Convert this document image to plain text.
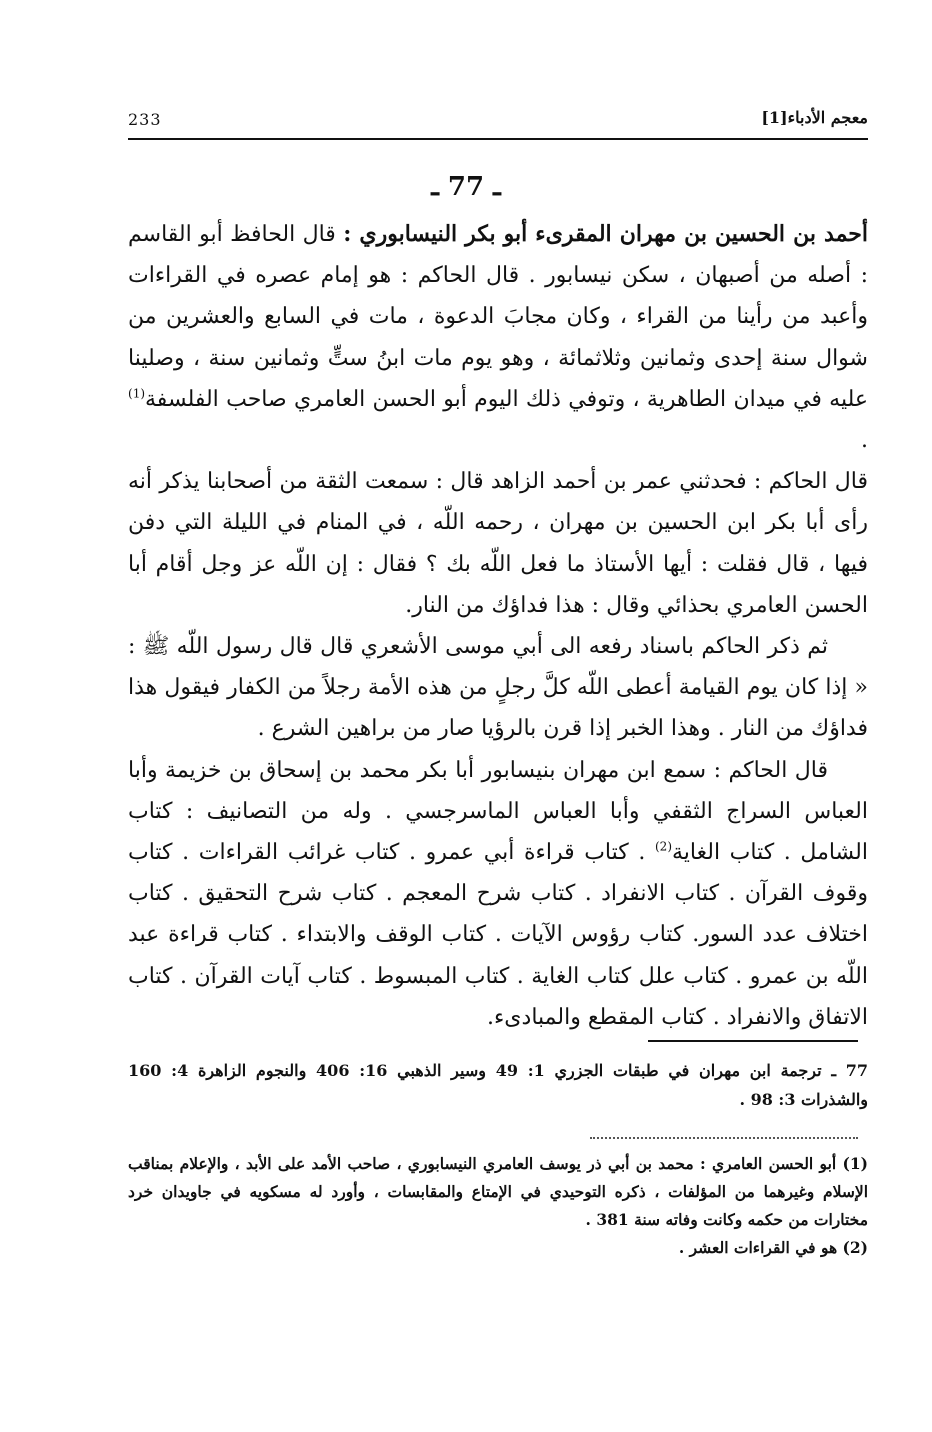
233	معجم الأدباء[1]
ـ 77 ـ

أحمد بن الحسين بن مهران المقرىء أبو بكر النيسابوري : قال الحافظ أبو القاسم : أصله من أصبهان ، سكن نيسابور . قال الحاكم : هو إمام عصره في القراءات وأعبد من رأينا من القراء ، وكان مجابَ الدعوة ، مات في السابع والعشرين من شوال سنة إحدى وثمانين وثلاثمائة ، وهو يوم مات ابنُ ستٍّ وثمانين سنة ، وصلينا عليه في ميدان الطاهرية ، وتوفي ذلك اليوم أبو الحسن العامري صاحب الفلسفة$^{(1)}$ .

قال الحاكم : فحدثني عمر بن أحمد الزاهد قال : سمعت الثقة من أصحابنا يذكر أنه رأى أبا بكر ابن الحسين بن مهران ، رحمه اللّه ، في المنام في الليلة التي دفن فيها ، قال فقلت : أيها الأستاذ ما فعل اللّه بك ؟ فقال : إن اللّه عز وجل أقام أبا الحسن العامري بحذائي وقال : هذا فداؤك من النار.

ثم ذكر الحاكم باسناد رفعه الى أبي موسى الأشعري قال قال رسول اللّه ﷺ : « إذا كان يوم القيامة أعطى اللّه كلَّ رجلٍ من هذه الأمة رجلاً من الكفار فيقول هذا فداؤك من النار . وهذا الخبر إذا قرن بالرؤيا صار من براهين الشرع .

قال الحاكم : سمع ابن مهران بنيسابور أبا بكر محمد بن إسحاق بن خزيمة وأبا العباس السراج الثقفي وأبا العباس الماسرجسي . وله من التصانيف : كتاب الشامل . كتاب الغاية$^{(2)}$ . كتاب قراءة أبي عمرو . كتاب غرائب القراءات . كتاب وقوف القرآن . كتاب الانفراد . كتاب شرح المعجم . كتاب شرح التحقيق . كتاب اختلاف عدد السور. كتاب رؤوس الآيات . كتاب الوقف والابتداء . كتاب قراءة عبد اللّه بن عمرو . كتاب علل كتاب الغاية . كتاب المبسوط . كتاب آيات القرآن . كتاب الاتفاق والانفراد . كتاب المقطع والمبادىء.

77 ـ ترجمة ابن مهران في طبقات الجزري 1: 49 وسير الذهبي 16: 406 والنجوم الزاهرة 4: 160 والشذرات 3: 98 .

(1) أبو الحسن العامري : محمد بن أبي ذر يوسف العامري النيسابوري ، صاحب الأمد على الأبد ، والإعلام بمناقب الإسلام وغيرهما من المؤلفات ، ذكره التوحيدي في الإمتاع والمقابسات ، وأورد له مسكويه في جاويدان خرد مختارات من حكمه وكانت وفاته سنة 381 .

(2) هو في القراءات العشر .
